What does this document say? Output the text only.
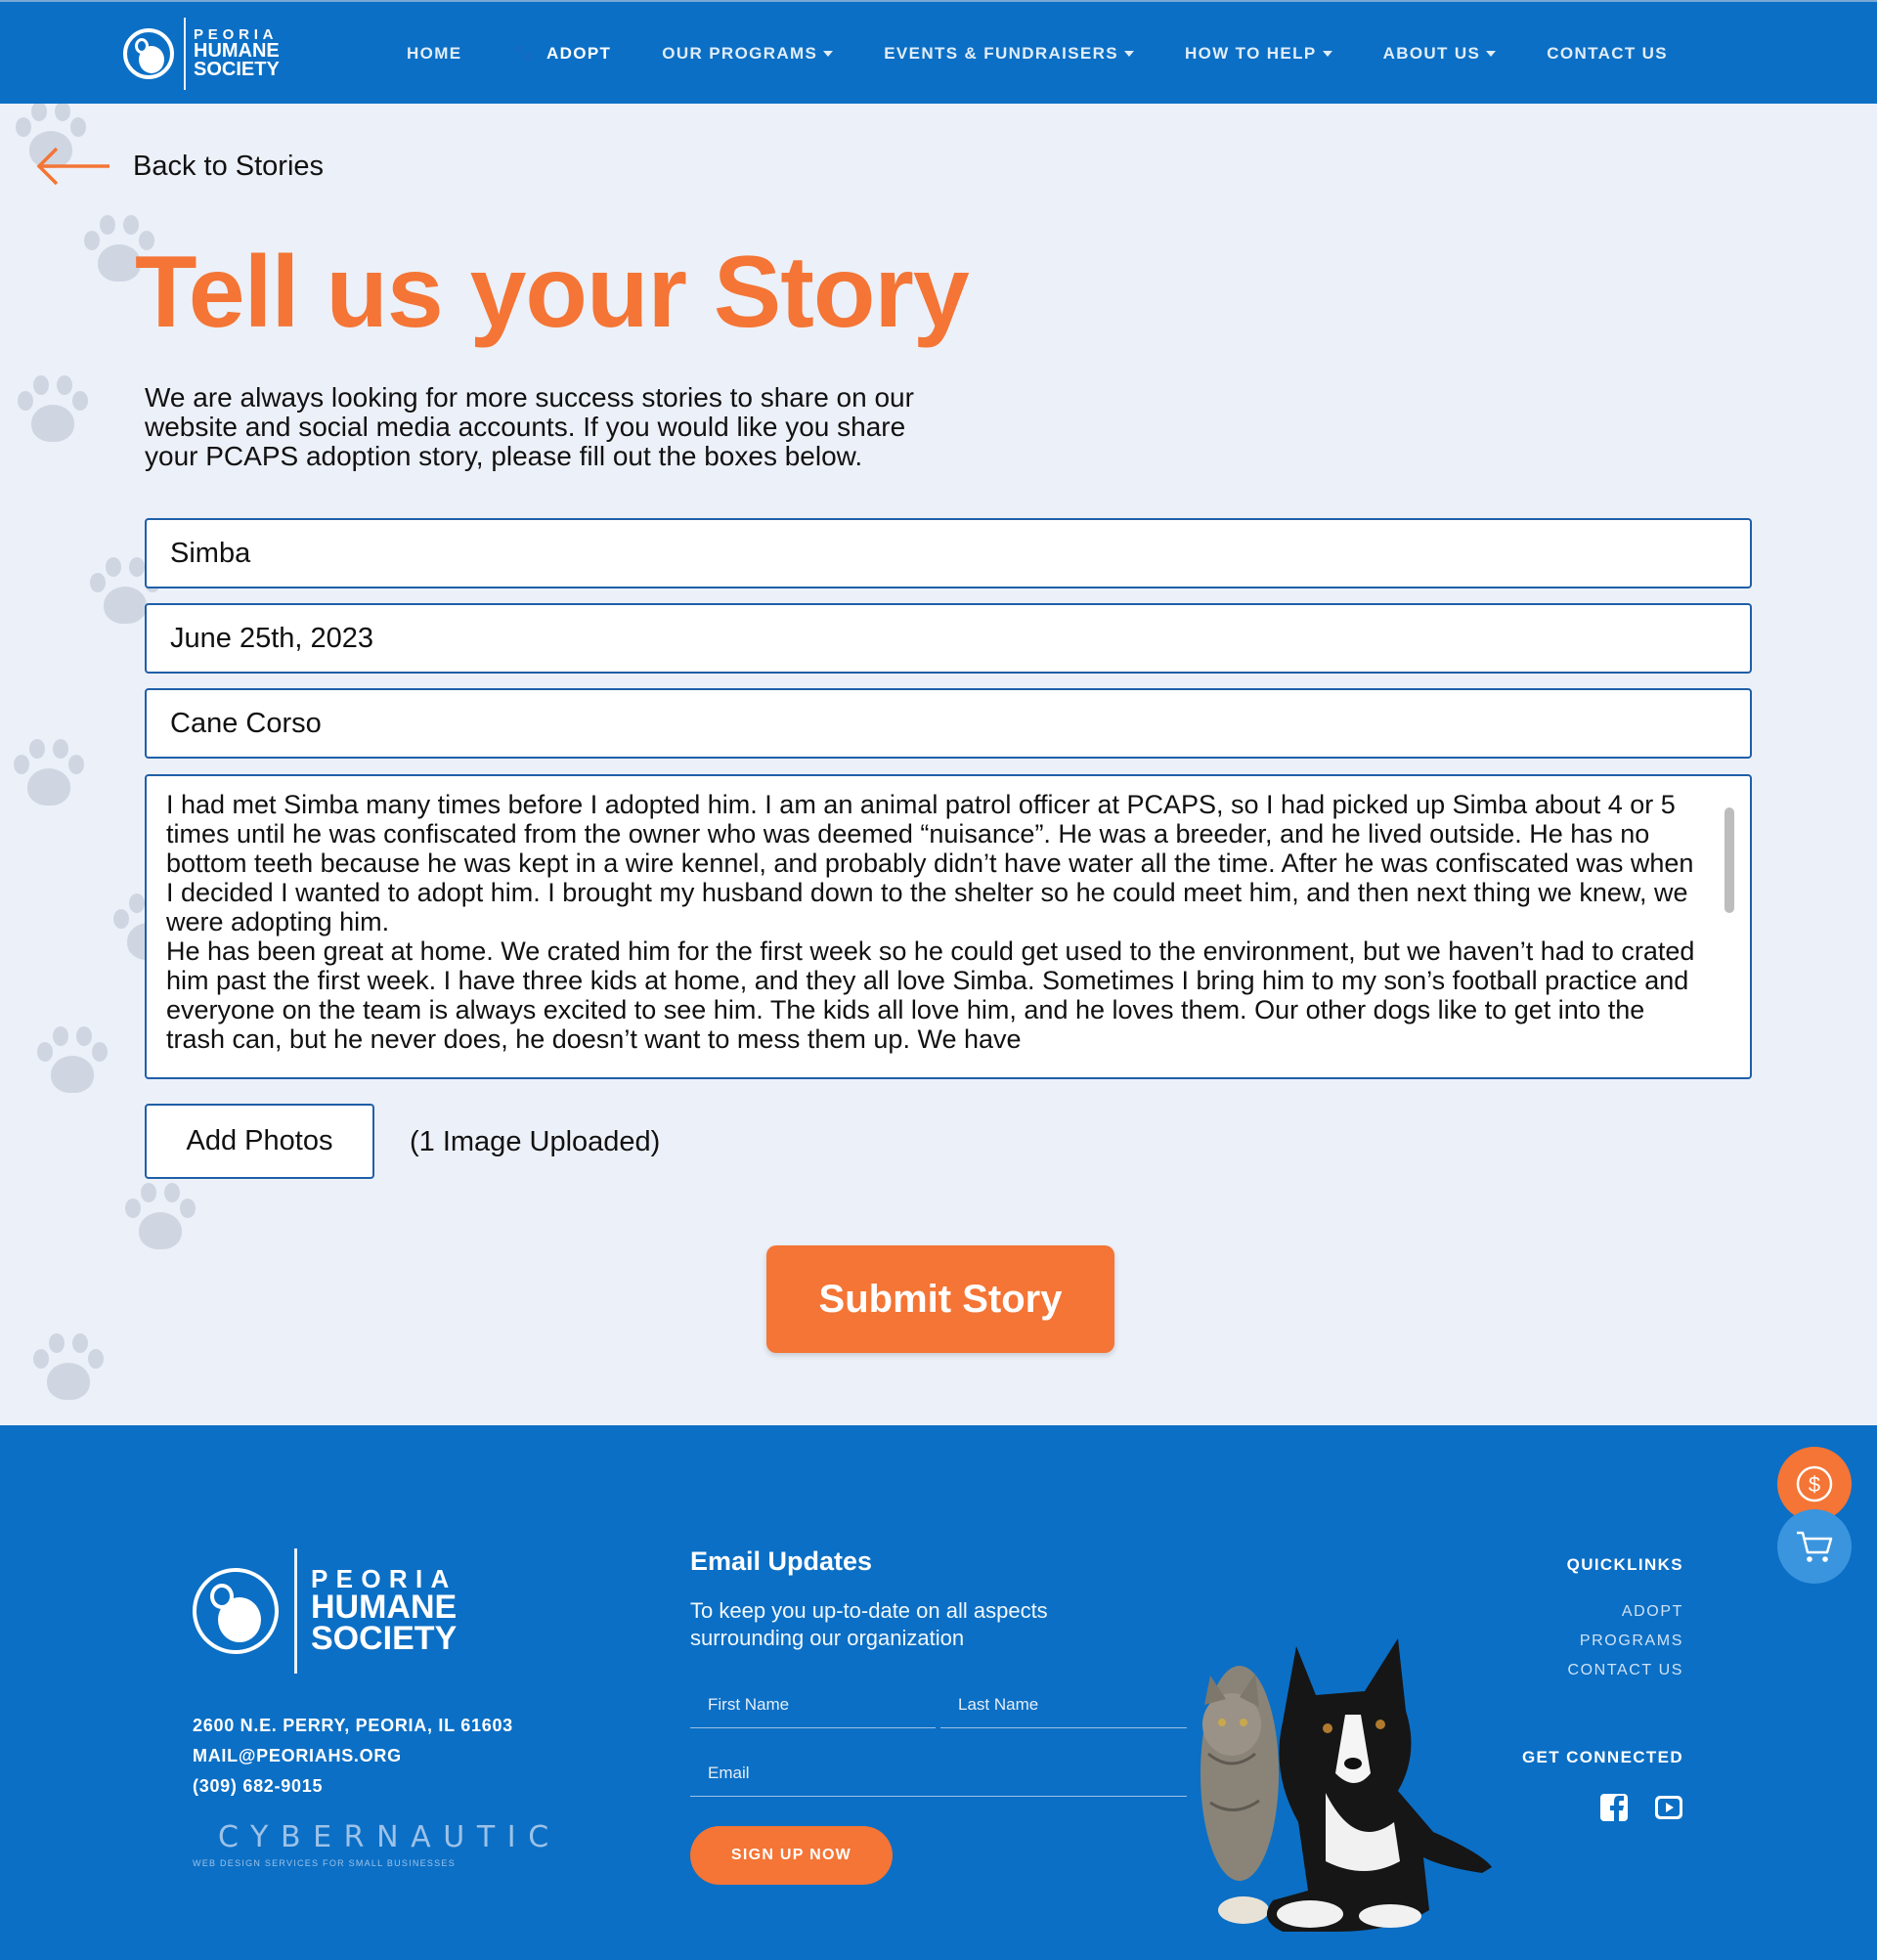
PEORIA
HUMANE
SOCIETY
HOME	🐾 ADOPT	OUR PROGRAMS	EVENTS & FUNDRAISERS	HOW TO HELP	ABOUT US	CONTACT US
Back to Stories
Tell us your Story

We are always looking for more success stories to share on our website and social media accounts. If you would like you share your PCAPS adoption story, please fill out the boxes below.

Simba
June 25th, 2023
Cane Corso
I had met Simba many times before I adopted him. I am an animal patrol officer at PCAPS, so I had picked up Simba about 4 or 5 times until he was confiscated from the owner who was deemed “nuisance”. He was a breeder, and he lived outside. He has no bottom teeth because he was kept in a wire kennel, and probably didn’t have water all the time. After he was confiscated was when I decided I wanted to adopt him. I brought my husband down to the shelter so he could meet him, and then next thing we knew, we were adopting him.
He has been great at home. We crated him for the first week so he could get used to the environment, but we haven’t had to crated him past the first week. I have three kids at home, and they all love Simba. Sometimes I bring him to my son’s football practice and everyone on the team is always excited to see him. The kids all love him, and he loves them. Our other dogs like to get into the trash can, but he never does, he doesn’t want to mess them up. We have
Add Photos	(1 Image Uploaded)
Submit Story
PEORIA
HUMANE
SOCIETY
2600 N.E. PERRY, PEORIA, IL 61603
MAIL@PEORIAHS.ORG
(309) 682-9015
CYBERNAUTIC
WEB DESIGN SERVICES FOR SMALL BUSINESSES
Email Updates
To keep you up-to-date on all aspects surrounding our organization
First Name
Last Name
Email
SIGN UP NOW
QUICKLINKS
ADOPT
PROGRAMS
CONTACT US
GET CONNECTED
$
